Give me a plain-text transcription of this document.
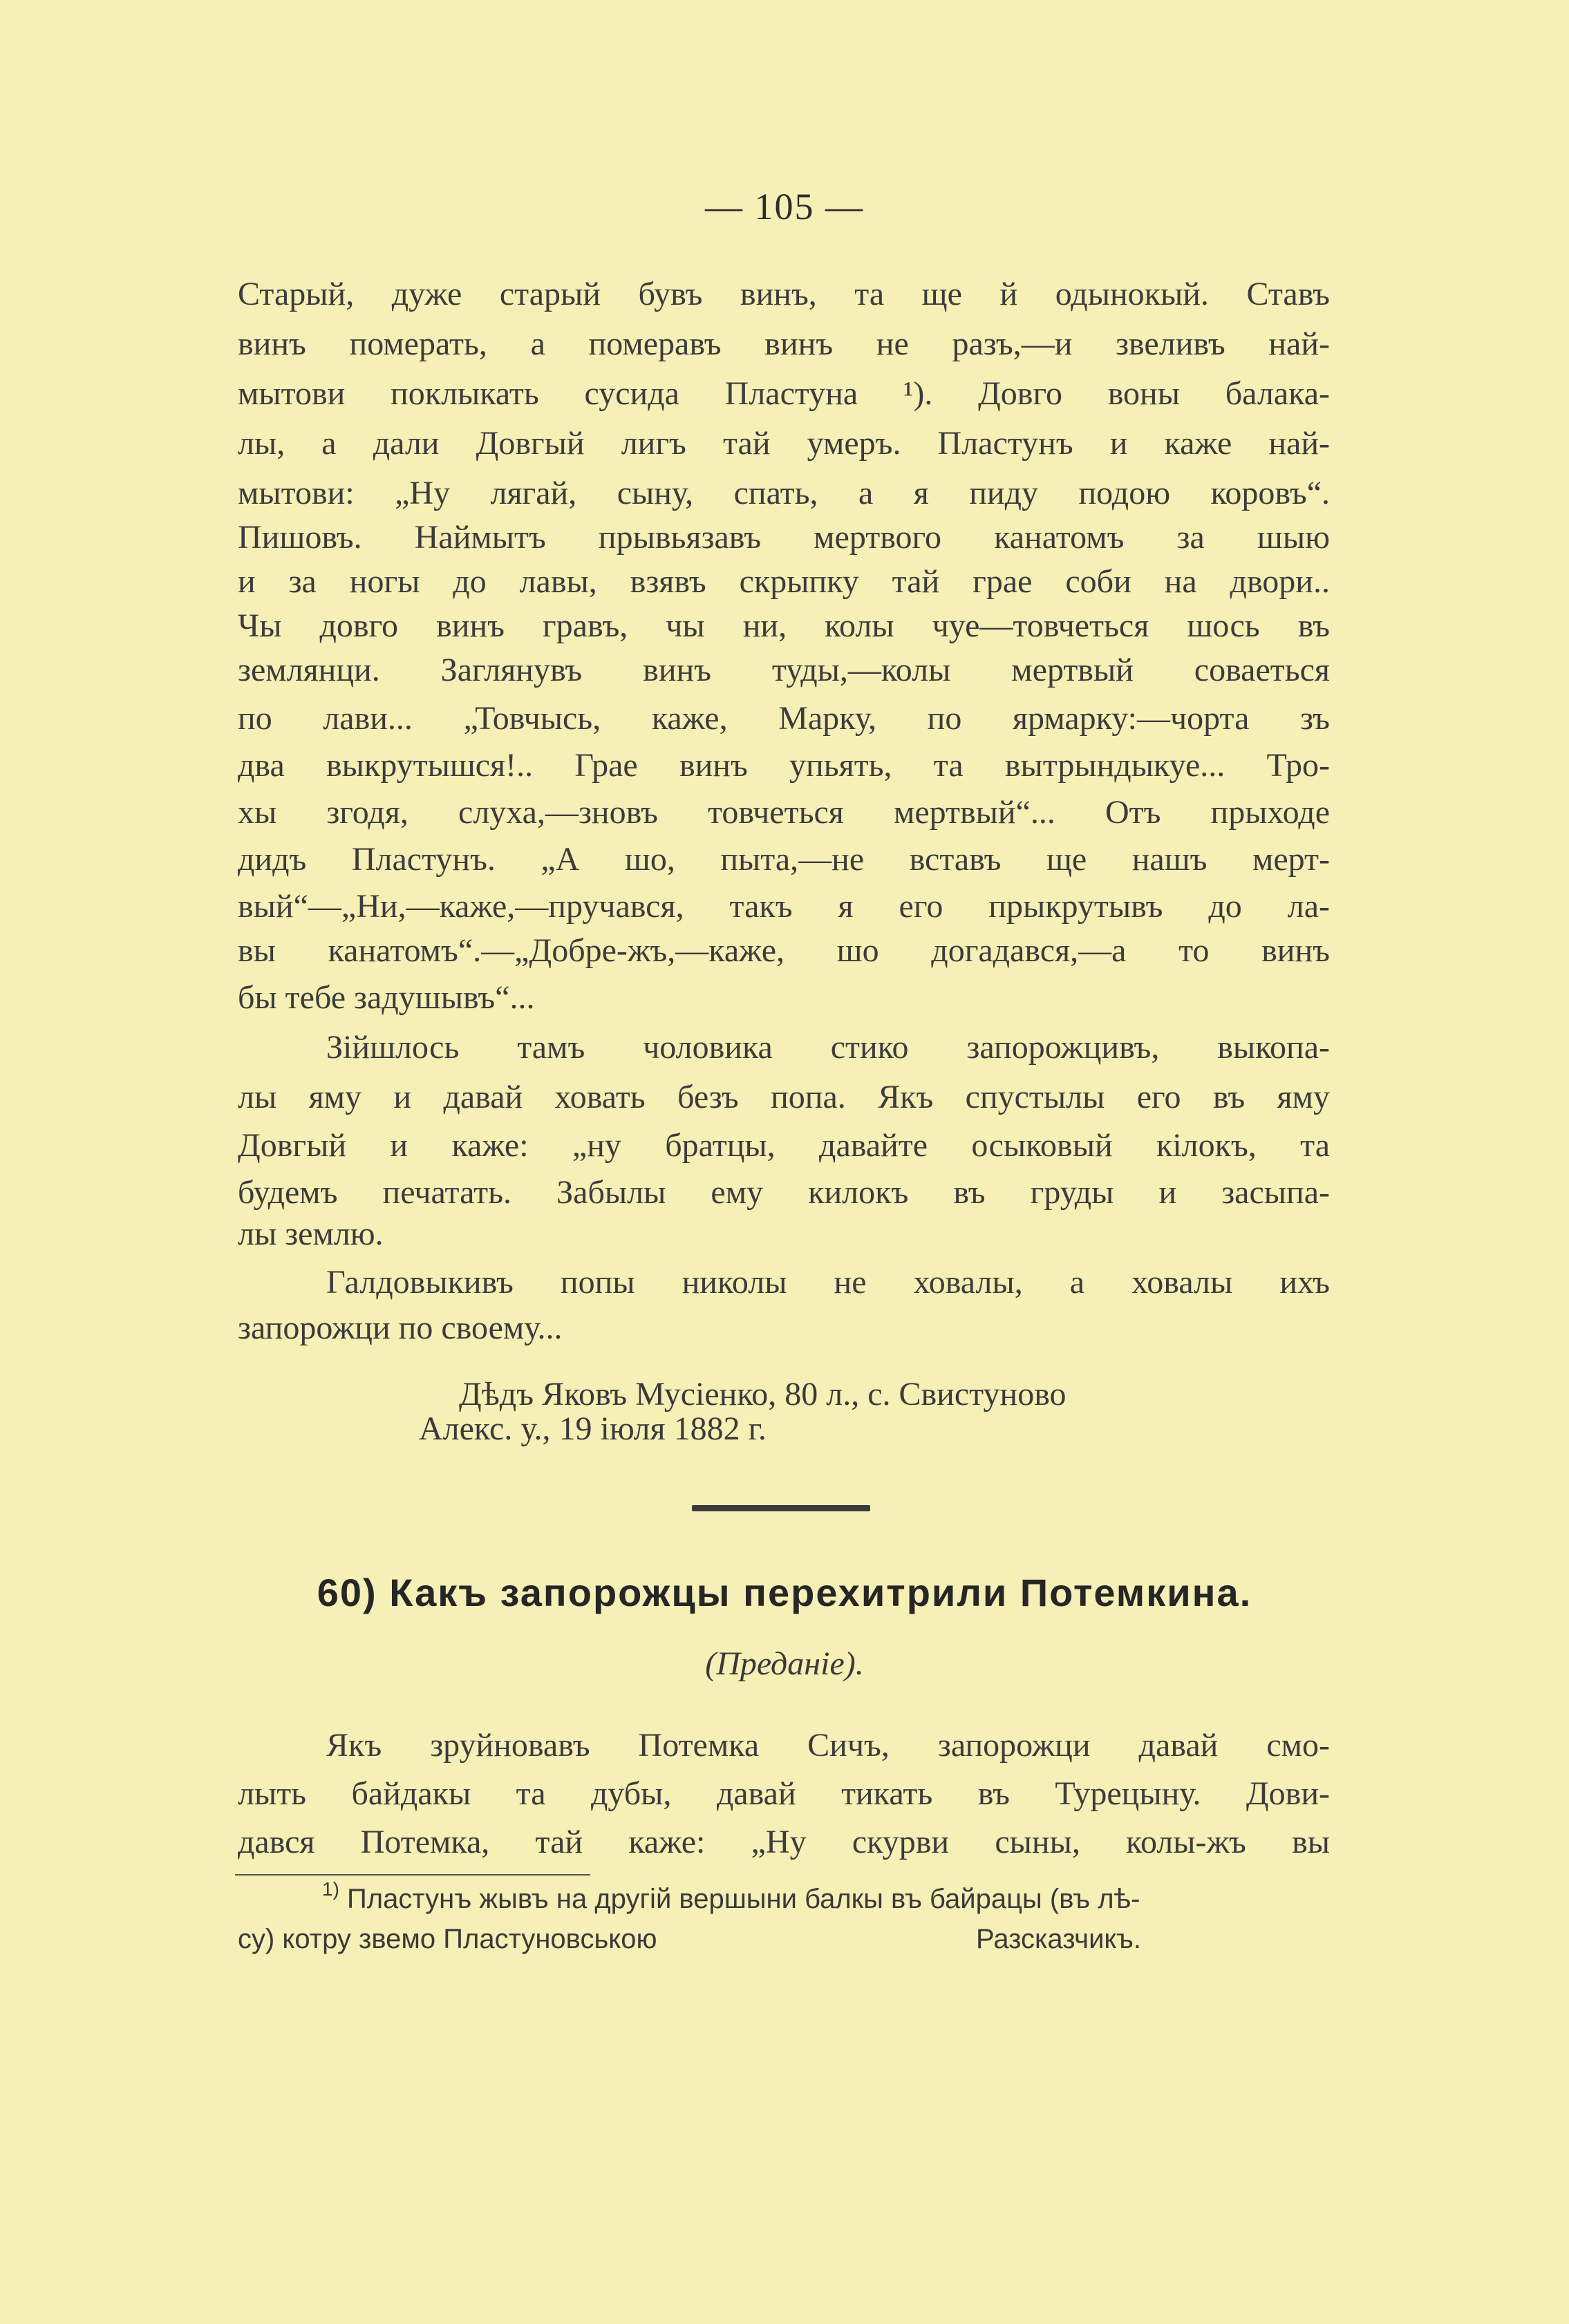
— 105 —
Старый, дуже старый бувъ винъ, та ще й одынокый. Ставъ
винъ померать, а померавъ винъ не разъ,—и звеливъ най-
мытови поклыкать сусида Пластуна ¹). Довго воны балака-
лы, а дали Довгый лигъ тай умеръ. Пластунъ и каже най-
мытови: „Ну лягай, сыну, спать, а я пиду подою коровъ“.
Пишовъ. Наймытъ прывьязавъ мертвого канатомъ за шыю
и за ногы до лавы, взявъ скрыпку тай грае соби на двори..
Чы довго винъ гравъ, чы ни, колы чуе—товчеться шось въ
землянци. Заглянувъ винъ туды,—колы мертвый соваеться
по лави... „Товчысь, каже, Марку, по ярмарку:—чорта зъ
два выкрутышся!.. Грае винъ упьять, та вытрындыкуе... Тро-
хы згодя, слуха,—зновъ товчеться мертвый“... Отъ прыходе
дидъ Пластунъ. „А шо, пыта,—не вставъ ще нашъ мерт-
вый“—„Ни,—каже,—пручався, такъ я его прыкрутывъ до ла-
вы канатомъ“.—„Добре-жъ,—каже, шо догадався,—а то винъ
бы тебе задушывъ“...
Зійшлось тамъ чоловика стико запорожцивъ, выкопа-
лы яму и давай ховать безъ попа. Якъ спустылы его въ яму
Довгый и каже: „ну братцы, давайте осыковый кілокъ, та
будемъ печатать. Забылы ему килокъ въ груды и засыпа-
лы землю.
Галдовыкивъ попы николы не ховалы, а ховалы ихъ
запорожци по своему...
Дѣдъ Яковъ Мусіенко, 80 л., с. Свистуново
Алекс. у., 19 іюля 1882 г.
60) Какъ запорожцы перехитрили Потемкина.
(Преданіе).
Якъ зруйновавъ Потемка Сичъ, запорожци давай смо-
лыть байдакы та дубы, давай тикать въ Турецыну. Дови-
дався Потемка, тай каже: „Ну скурви сыны, колы-жъ вы
$^{1)}$ Пластунъ жывъ на другій вершыни балкы въ байрацы (въ лѣ-
су) котру звемо Пластуновською	Разсказчикъ.
